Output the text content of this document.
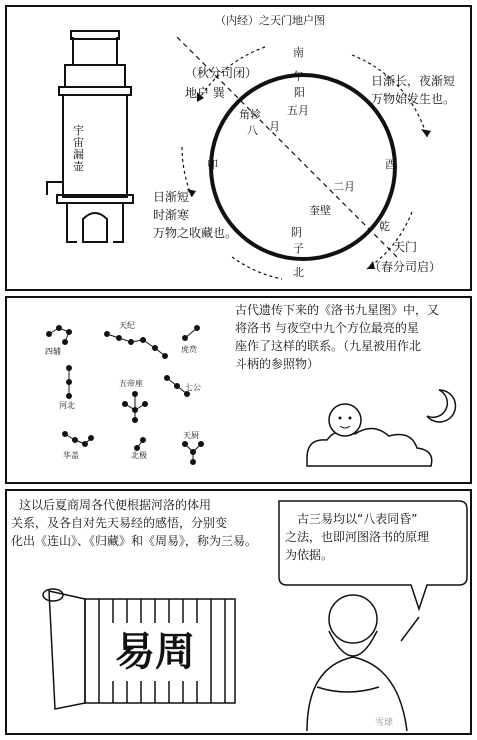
（内经）之天门地户图
南
午
阳
五月
角轸
月
八
卯	酉
二月
奎壁
阴
子
北
乾
（秋分司闭）
地户 巽
日渐长，夜渐短
万物始发生也。
日渐短
时渐寒
万物之收藏也。
天门
（春分司启）
宇
宙
漏
壶
古代遗传下来的《洛书九星图》中，又
将洛书 与夜空中九个方位最亮的星
座作了这样的联系。（九星被用作北
斗柄的参照物）
天纪
四辅	虎贲
五帝座
河北
七公
华盖	北极
天厨
这以后夏商周各代便根据河洛的体用
关系，及各自对先天易经的感悟，分别变
化出《连山》、《归藏》和《周易》，称为三易。
古三易均以“八表同昏”
之法，也即河图洛书的原理
为依据。
易周
雪球
